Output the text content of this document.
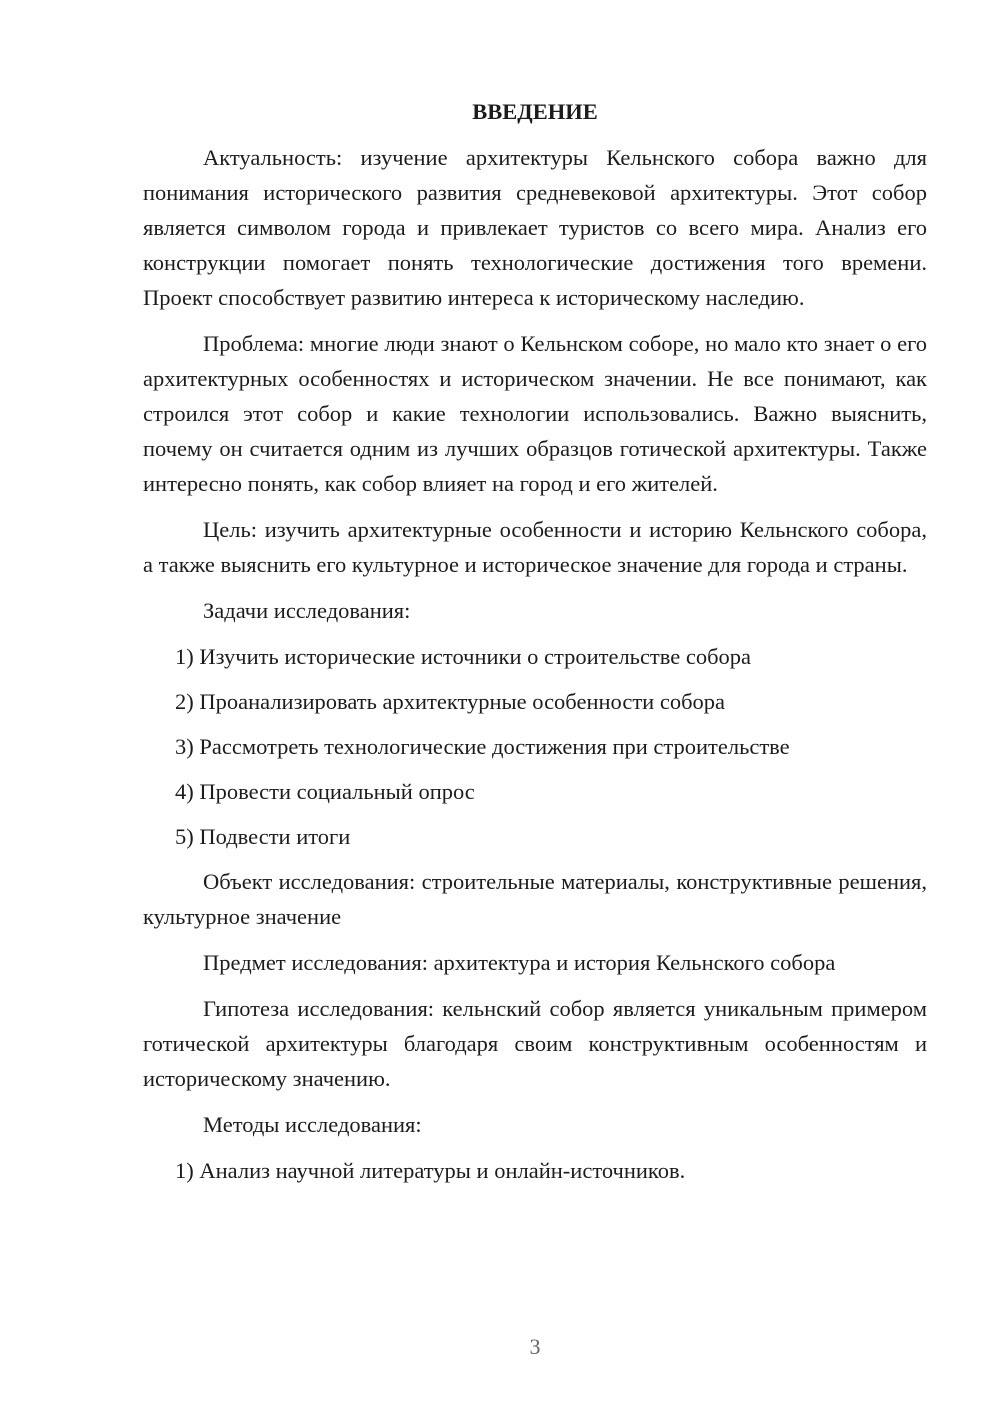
ВВЕДЕНИЕ

Актуальность: изучение архитектуры Кельнского собора важно для понимания исторического развития средневековой архитектуры. Этот собор является символом города и привлекает туристов со всего мира. Анализ его конструкции помогает понять технологические достижения того времени. Проект способствует развитию интереса к историческому наследию.

Проблема: многие люди знают о Кельнском соборе, но мало кто знает о его архитектурных особенностях и историческом значении. Не все понимают, как строился этот собор и какие технологии использовались. Важно выяснить, почему он считается одним из лучших образцов готической архитектуры. Также интересно понять, как собор влияет на город и его жителей.

Цель: изучить архитектурные особенности и историю Кельнского собора, а также выяснить его культурное и историческое значение для города и страны.

Задачи исследования:

1) Изучить исторические источники о строительстве собора

2) Проанализировать архитектурные особенности собора

3) Рассмотреть технологические достижения при строительстве

4) Провести социальный опрос

5) Подвести итоги

Объект исследования: строительные материалы, конструктивные решения, культурное значение

Предмет исследования: архитектура и история Кельнского собора

Гипотеза исследования: кельнский собор является уникальным примером готической архитектуры благодаря своим конструктивным особенностям и историческому значению.

Методы исследования:

1) Анализ научной литературы и онлайн-источников.

3
